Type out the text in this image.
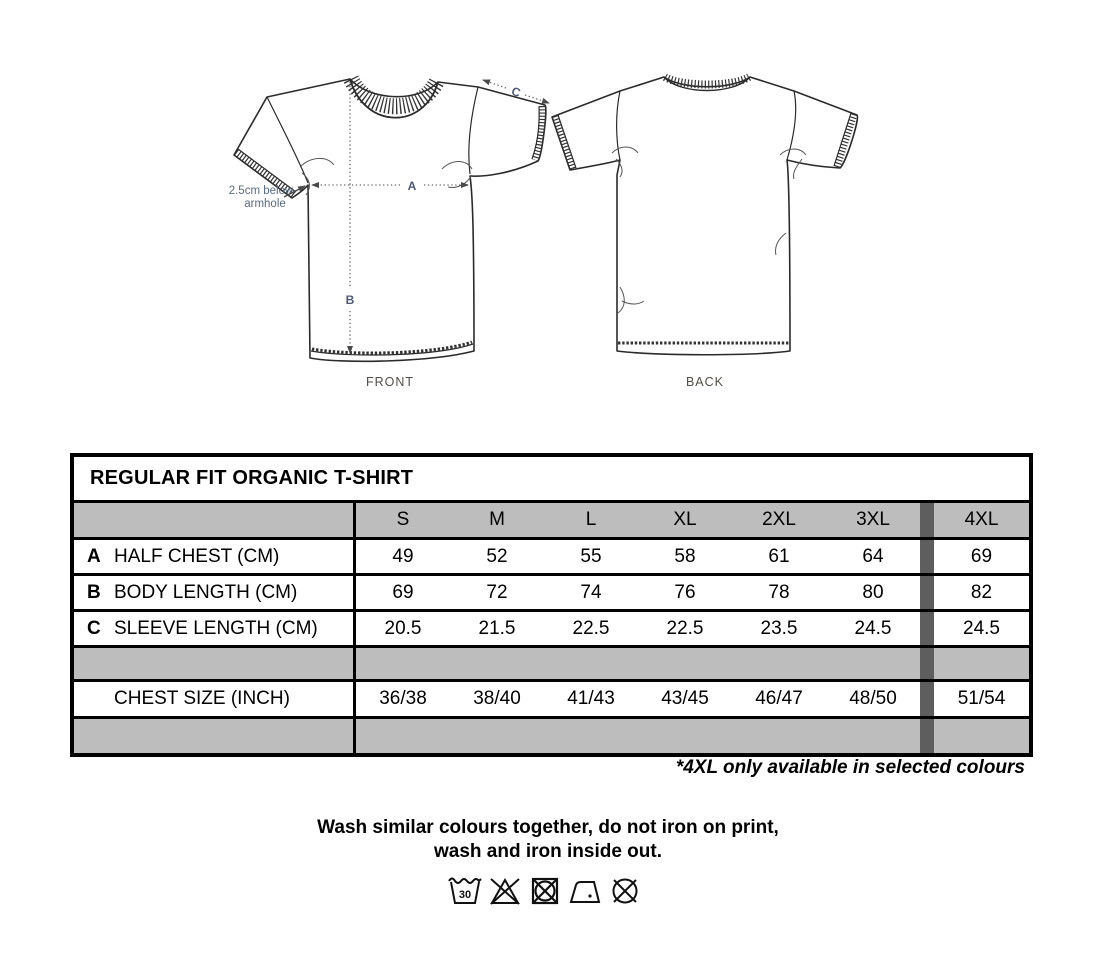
B
A
C
2.5cm below
armhole
FRONT	BACK
REGULAR FIT ORGANIC T-SHIRT
S	M	L	XL	2XL	3XL	4XL
A HALF CHEST (CM)	49	52	55	58	61	64	69
B BODY LENGTH (CM)	69	72	74	76	78	80	82
C SLEEVE LENGTH (CM)	20.5	21.5	22.5	22.5	23.5	24.5	24.5
CHEST SIZE (INCH)	36/38	38/40	41/43	43/45	46/47	48/50	51/54
*4XL only available in selected colours
Wash similar colours together, do not iron on print,
wash and iron inside out.
30
